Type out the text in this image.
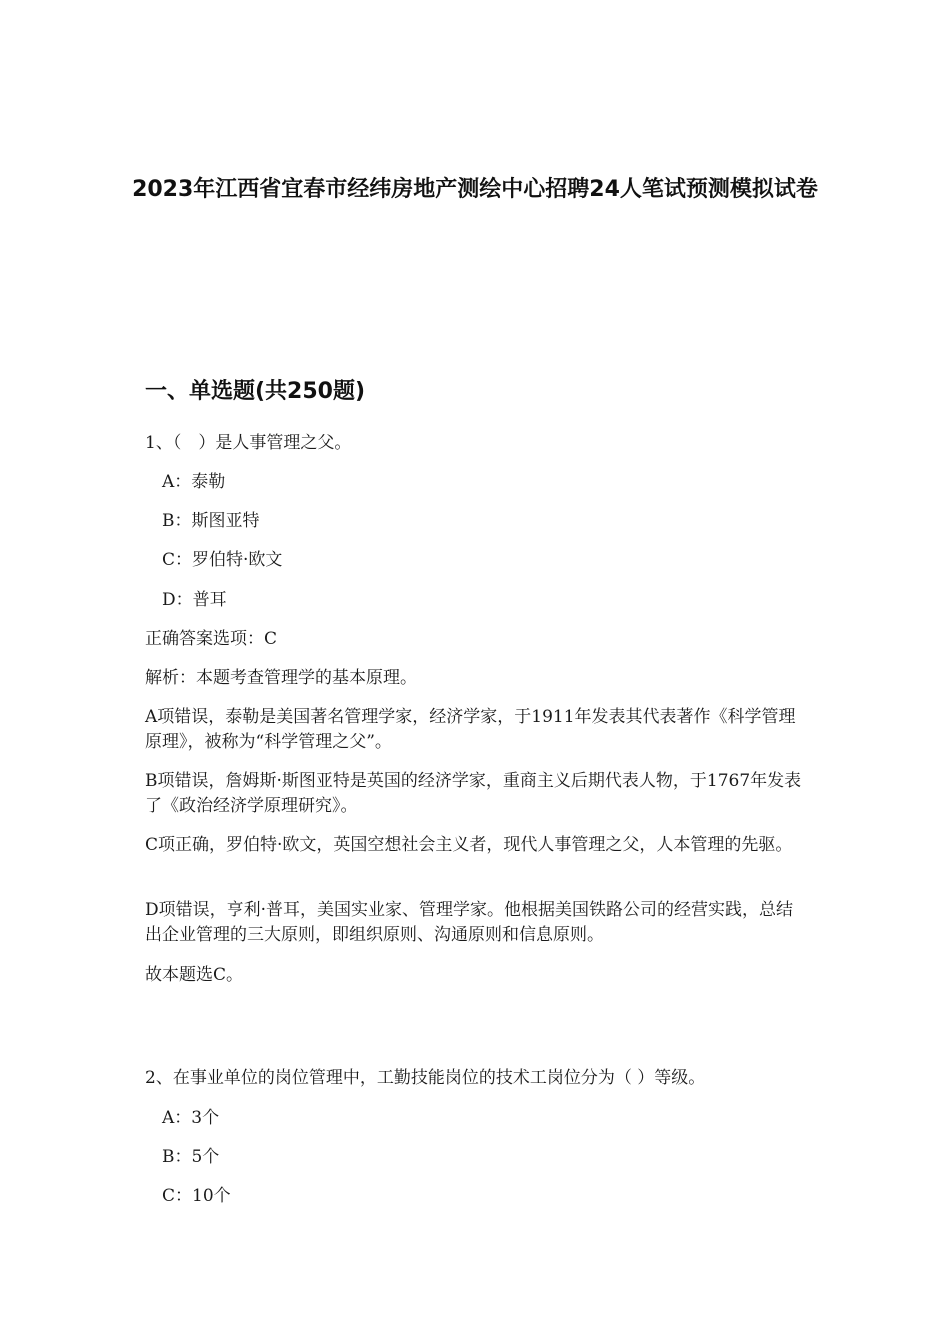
2023年江西省宜春市经纬房地产测绘中心招聘24人笔试预测模拟试卷
一、单选题(共250题)

1、（　）是人事管理之父。

A：泰勒

B：斯图亚特

C：罗伯特·欧文

D：普耳

正确答案选项：C

解析：本题考查管理学的基本原理。

A项错误，泰勒是美国著名管理学家，经济学家，于1911年发表其代表著作《科学管理原理》，被称为“科学管理之父”。

B项错误，詹姆斯·斯图亚特是英国的经济学家，重商主义后期代表人物，于1767年发表了《政治经济学原理研究》。

C项正确，罗伯特·欧文，英国空想社会主义者，现代人事管理之父，人本管理的先驱。

D项错误，亨利·普耳，美国实业家、管理学家。他根据美国铁路公司的经营实践，总结出企业管理的三大原则，即组织原则、沟通原则和信息原则。

故本题选C。

2、在事业单位的岗位管理中，工勤技能岗位的技术工岗位分为（ ）等级。

A：3个

B：5个

C：10个
